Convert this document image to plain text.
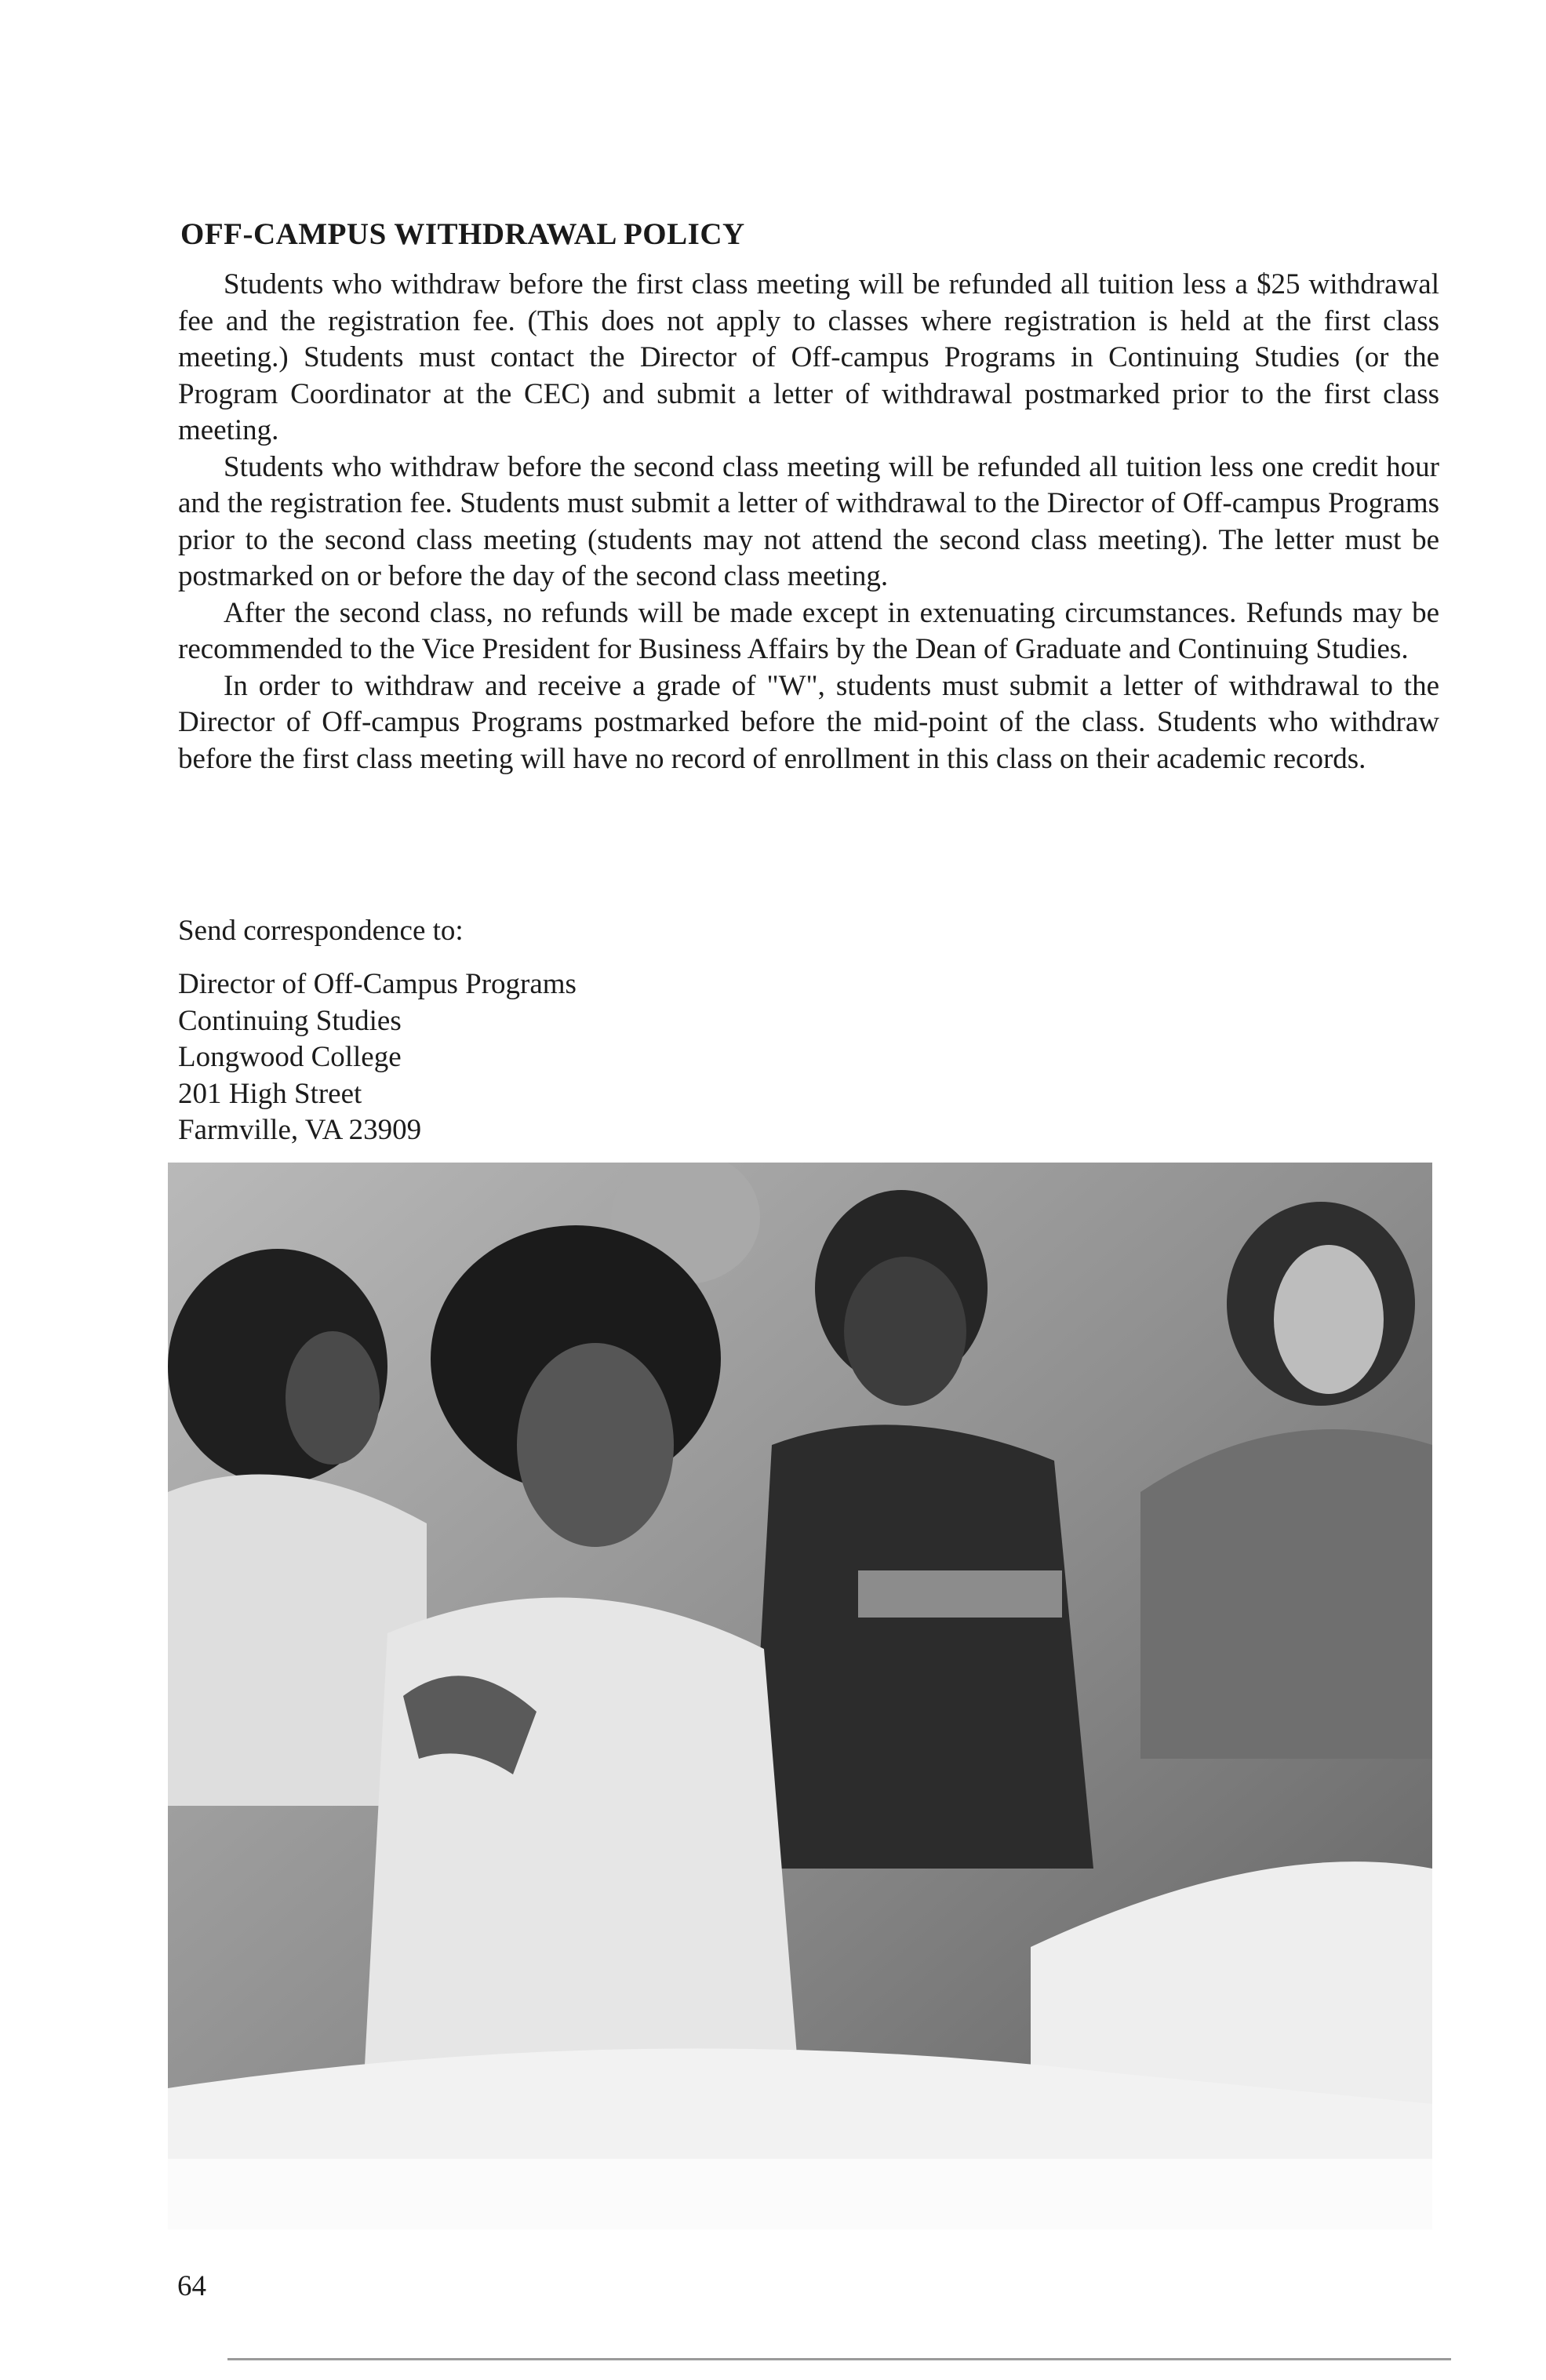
OFF-CAMPUS WITHDRAWAL POLICY

Students who withdraw before the first class meeting will be refunded all tuition less a $25 withdrawal fee and the registration fee. (This does not apply to classes where registration is held at the first class meeting.) Students must contact the Director of Off-campus Programs in Continuing Studies (or the Program Coordinator at the CEC) and submit a letter of withdrawal postmarked prior to the first class meeting.

Students who withdraw before the second class meeting will be refunded all tuition less one credit hour and the registration fee. Students must submit a letter of withdrawal to the Director of Off-campus Programs prior to the second class meeting (students may not attend the second class meeting). The letter must be postmarked on or before the day of the second class meeting.

After the second class, no refunds will be made except in extenuating circumstances. Refunds may be recommended to the Vice President for Business Affairs by the Dean of Graduate and Continuing Studies.

In order to withdraw and receive a grade of "W", students must submit a letter of withdrawal to the Director of Off-campus Programs postmarked before the mid-point of the class. Students who withdraw before the first class meeting will have no record of enrollment in this class on their academic records.

Send correspondence to:

Director of Off-Campus Programs
Continuing Studies
Longwood College
201 High Street
Farmville, VA 23909
64
